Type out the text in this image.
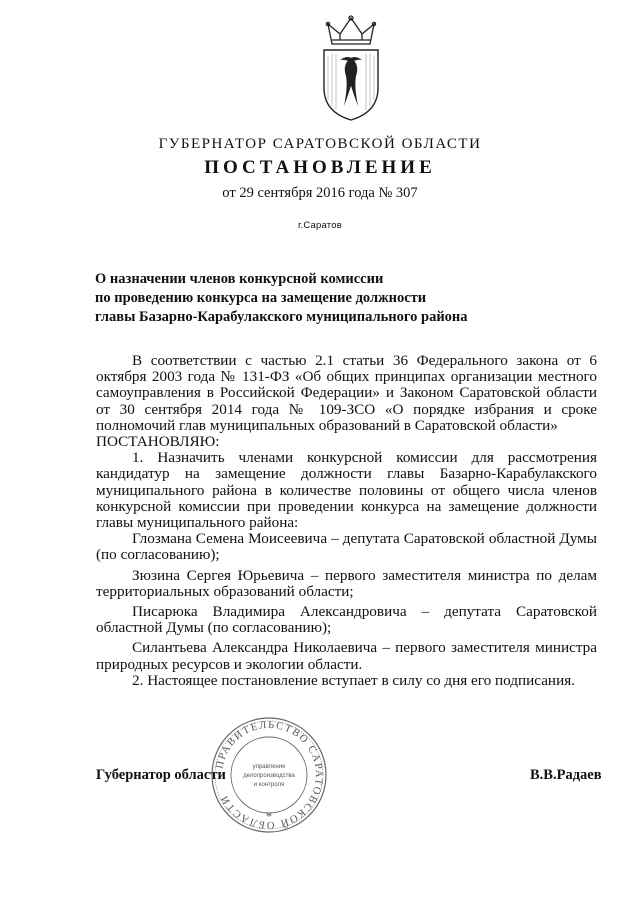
ГУБЕРНАТОР САРАТОВСКОЙ ОБЛАСТИ
ПОСТАНОВЛЕНИЕ
от 29 сентября 2016 года № 307
г.Саратов
О назначении членов конкурсной комиссии
по проведению конкурса на замещение должности
главы Базарно-Карабулакского муниципального района

В соответствии с частью 2.1 статьи 36 Федерального закона от 6 октября 2003 года № 131-ФЗ «Об общих принципах организации местного самоуправления в Российской Федерации» и Законом Саратовской области от 30 сентября 2014 года № 109-ЗСО «О порядке избрания и сроке полномочий глав муниципальных образований в Саратовской области»

ПОСТАНОВЛЯЮ:

1. Назначить членами конкурсной комиссии для рассмотрения кандидатур на замещение должности главы Базарно-Карабулакского муниципального района в количестве половины от общего числа членов конкурсной комиссии при проведении конкурса на замещение должности главы муниципального района:

Глозмана Семена Моисеевича – депутата Саратовской областной Думы (по согласованию);

Зюзина Сергея Юрьевича – первого заместителя министра по делам территориальных образований области;

Писарюка Владимира Александровича – депутата Саратовской областной Думы (по согласованию);

Силантьева Александра Николаевича – первого заместителя министра природных ресурсов и экологии области.

2. Настоящее постановление вступает в силу со дня его подписания.

Губернатор области	В.В.Радаев
ПРАВИТЕЛЬСТВО САРАТОВСКОЙ ОБЛАСТИ
управление
делопроизводства
и контроля
*
